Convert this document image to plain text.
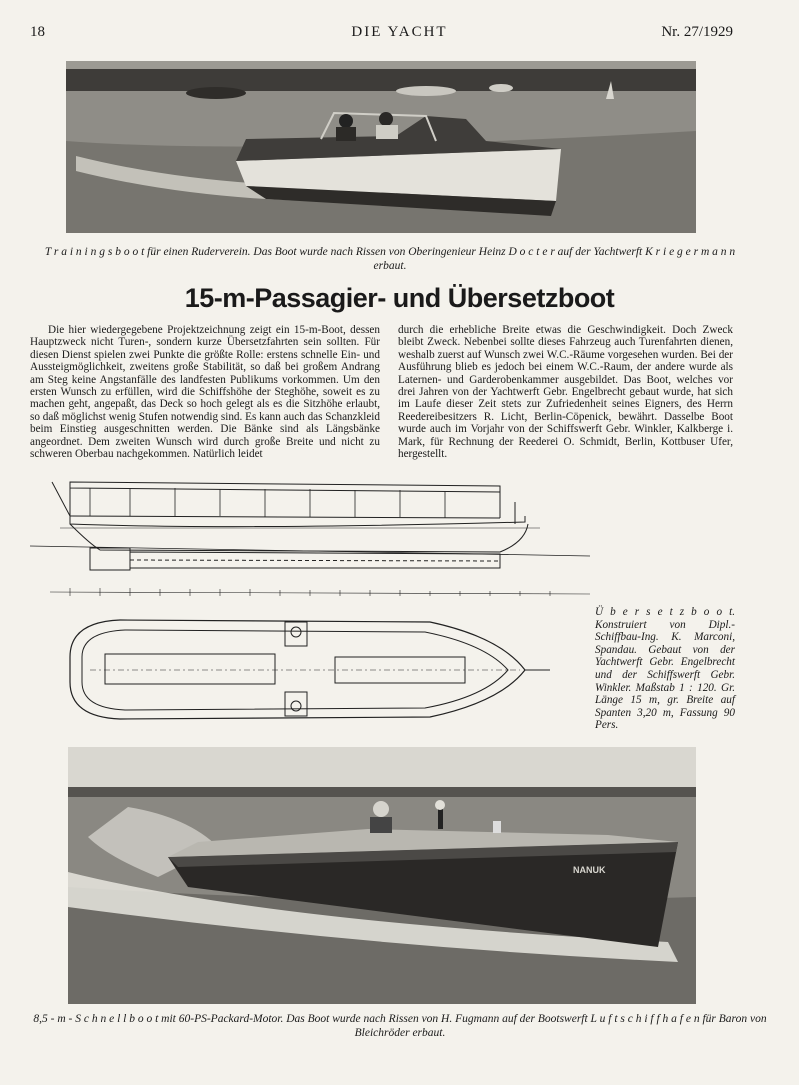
18	DIE YACHT	Nr. 27/1929
T r a i n i n g s b o o t für einen Ruderverein. Das Boot wurde nach Rissen von Oberingenieur Heinz D o c t e r auf der Yachtwerft K r i e g e r m a n n erbaut.
15-m-Passagier- und Übersetzboot
Die hier wiedergegebene Projektzeichnung zeigt ein 15-m-Boot, dessen Hauptzweck nicht Turen-, sondern kurze Übersetzfahrten sein sollten. Für diesen Dienst spielen zwei Punkte die größte Rolle: erstens schnelle Ein- und Aussteigmöglichkeit, zweitens große Stabilität, so daß bei großem Andrang am Steg keine Angstanfälle des landfesten Publikums vorkommen. Um den ersten Wunsch zu erfüllen, wird die Schiffshöhe der Steghöhe, soweit es zu machen geht, angepaßt, das Deck so hoch gelegt als es die Sitzhöhe erlaubt, so daß möglichst wenig Stufen notwendig sind. Es kann auch das Schanzkleid beim Einstieg ausgeschnitten werden. Die Bänke sind als Längsbänke angeordnet. Dem zweiten Wunsch wird durch große Breite und nicht zu schweren Oberbau nachgekommen. Natürlich leidet
durch die erhebliche Breite etwas die Geschwindigkeit. Doch Zweck bleibt Zweck. Nebenbei sollte dieses Fahrzeug auch Turenfahrten dienen, weshalb zuerst auf Wunsch zwei W.C.-Räume vorgesehen wurden. Bei der Ausführung blieb es jedoch bei einem W.C.-Raum, der andere wurde als Laternen- und Garderobenkammer ausgebildet. Das Boot, welches vor drei Jahren von der Yachtwerft Gebr. Engelbrecht gebaut wurde, hat sich im Laufe dieser Zeit stets zur Zufriedenheit seines Eigners, des Herrn Reedereibesitzers R. Licht, Berlin-Cöpenick, bewährt. Dasselbe Boot wurde auch im Vorjahr von der Schiffswerft Gebr. Winkler, Kalkberge i. Mark, für Rechnung der Reederei O. Schmidt, Berlin, Kottbuser Ufer, hergestellt.
Ü b e r s e t z b o o t. Konstruiert von Dipl.-Schiffbau-Ing. K. Marconi, Spandau. Gebaut von der Yachtwerft Gebr. Engelbrecht und der Schiffswerft Gebr. Winkler. Maßstab 1 : 120. Gr. Länge 15 m, gr. Breite auf Spanten 3,20 m, Fassung 90 Pers.
NANUK
8,5 - m - S c h n e l l b o o t mit 60-PS-Packard-Motor. Das Boot wurde nach Rissen von H. Fugmann auf der Bootswerft L u f t s c h i f f h a f e n für Baron von Bleichröder erbaut.
